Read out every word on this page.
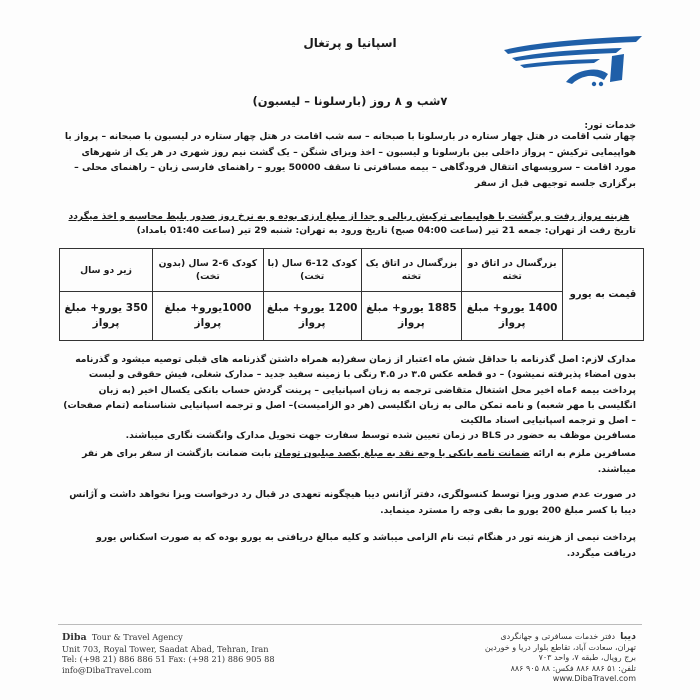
اسپانیا و پرتغال
۷شب و ۸ روز (بارسلونا – لیسبون)
خدمات تور:
چهار شب اقامت در هتل چهار ستاره در بارسلونا با صبحانه – سه شب اقامت در هتل چهار ستاره در لیسبون با صبحانه – پرواز با هواپیمایی ترکیش – پرواز داخلی بین بارسلونا و لیسبون – اخذ ویزای شنگن – یک گشت نیم روز شهری در هر یک از شهرهای مورد اقامت – سرویسهای انتقال فرودگاهی – بیمه مسافرتی تا سقف 50000 یورو – راهنمای فارسی زبان – راهنمای محلی – برگزاری جلسه توجیهی قبل از سفر
هزینه پرواز رفت و برگشت با هواپیمایی ترکیش ریالی و جدا از مبلغ ارزی بوده و به نرخ روز صدور بلیط محاسبه و اخذ میگردد
تاریخ رفت از تهران: جمعه 21 تیر (ساعت 04:00 صبح) تاریخ ورود به تهران: شنبه 29 تیر (ساعت 01:40 بامداد)
قیمت به یورو	بزرگسال در اتاق دو تخته	بزرگسال در اتاق یک تخته	کودک 12-6 سال (با تخت)	کودک 6-2 سال (بدون تخت)	زیر دو سال
	1400 یورو+ مبلغ پرواز	1885 یورو+ مبلغ پرواز	1200 یورو+ مبلغ پرواز	1000یورو+ مبلغ پرواز	350 یورو+ مبلغ پرواز
مدارک لازم: اصل گذرنامه با حداقل شش ماه اعتبار از زمان سفر(به همراه داشتن گذرنامه های قبلی توصیه میشود و گذرنامه بدون امضاء پذیرفته نمیشود) – دو قطعه عکس ۳.۵ در ۴.۵ رنگی با زمینه سفید جدید – مدارک شغلی، فیش حقوقی و لیست پرداخت بیمه ۶ماه اخیر محل اشتغال متقاضی ترجمه به زبان اسپانیایی – پرینت گردش حساب بانکی یکسال اخیر (به زبان انگلیسی با مهر شعبه) و نامه تمکن مالی به زبان انگلیسی (هر دو الزامیست)– اصل و ترجمه اسپانیایی شناسنامه (تمام صفحات) – اصل و ترجمه اسپانیایی اسناد مالکیت
مسافرین موظف به حضور در BLS در زمان تعیین شده توسط سفارت جهت تحویل مدارک وانگشت نگاری میباشند.
مسافرین ملزم به ارائه ضمانت نامه بانکی یا وجه نقد به مبلغ یکصد میلیون تومان بابت ضمانت بازگشت از سفر برای هر نفر میباشند.
در صورت عدم صدور ویزا توسط کنسولگری، دفتر آژانس دیبا هیچگونه تعهدی در قبال رد درخواست ویزا نخواهد داشت و آژانس دیبا با کسر مبلغ 200 یورو ما بقی وجه را مسترد مینماید.
پرداخت نیمی از هزینه تور در هنگام ثبت نام الزامی میباشد و کلیه مبالغ دریافتی به یورو بوده که به صورت اسکناس یورو دریافت میگردد.
Diba Tour & Travel Agency
Unit 703, Royal Tower, Saadat Abad, Tehran, Iran
Tel: (+98 21) 886 886 51 Fax: (+98 21) 886 905 88
info@DibaTravel.com
دیبا  دفتر خدمات مسافرتی و جهانگردی
تهران، سعادت آباد، تقاطع بلوار دریا و خوردین
برج رویال، طبقه ۷، واحد ۷۰۳
تلفن: ۵۱ ۸۸۶ ۸۸۶ فکس: ۸۸ ۹۰۵ ۸۸۶
www.DibaTravel.com
